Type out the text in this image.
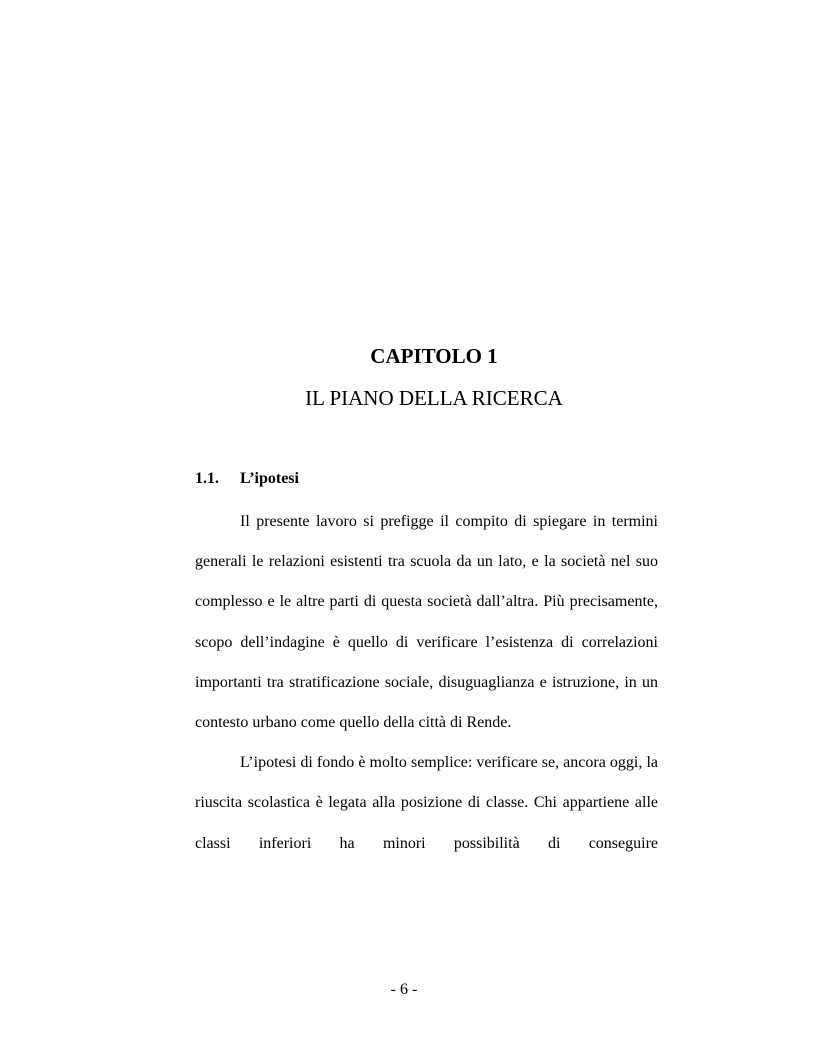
CAPITOLO 1
IL PIANO DELLA RICERCA
1.1. L’ipotesi

Il presente lavoro si prefigge il compito di spiegare in termini generali le relazioni esistenti tra scuola da un lato, e la società nel suo complesso e le altre parti di questa società dall’altra. Più precisamente, scopo dell’indagine è quello di verificare l’esistenza di correlazioni importanti tra stratificazione sociale, disuguaglianza e istruzione, in un contesto urbano come quello della città di Rende.

L’ipotesi di fondo è molto semplice: verificare se, ancora oggi, la riuscita scolastica è legata alla posizione di classe. Chi appartiene alle classi inferiori ha minori possibilità di conseguire

- 6 -
